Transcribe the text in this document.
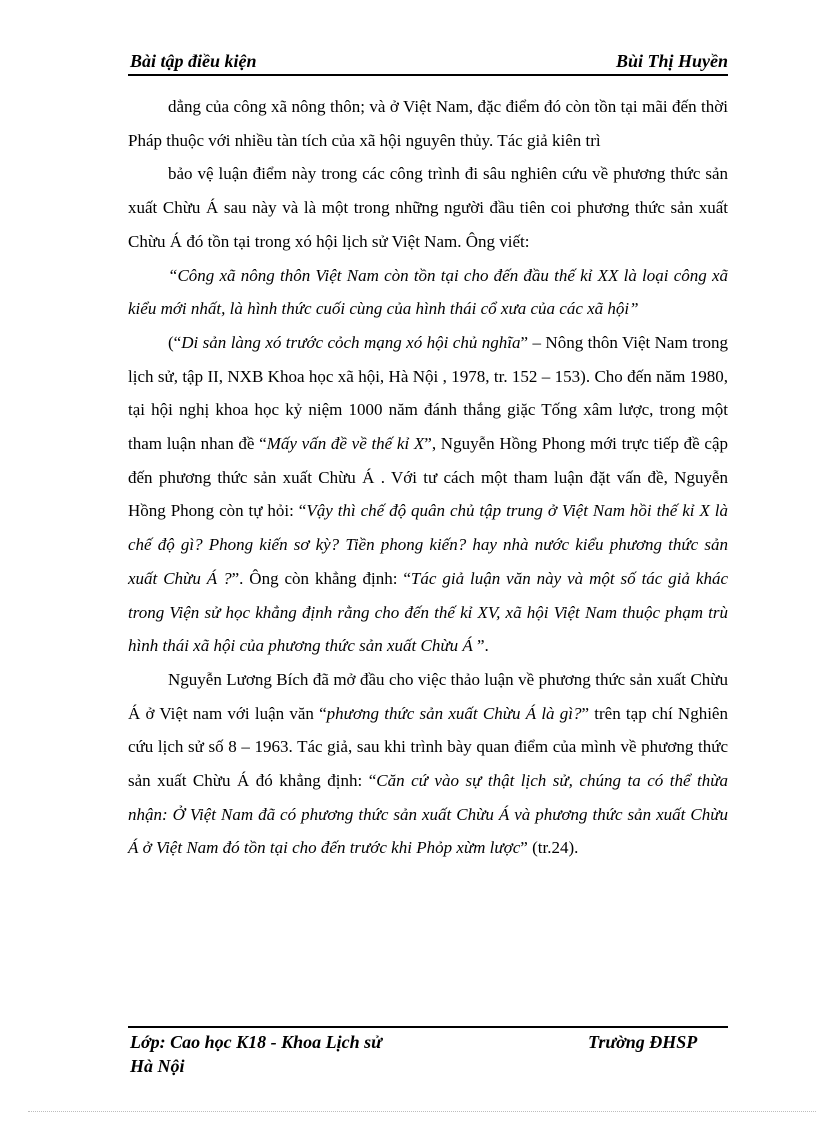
Bài tập điều kiện	Bùi Thị Huyền

dẳng của công xã nông thôn; và ở Việt Nam, đặc điểm đó còn tồn tại mãi đến thời Pháp thuộc với nhiều tàn tích của xã hội nguyên thủy. Tác giả kiên trì

bảo vệ luận điểm này trong các công trình đi sâu nghiên cứu về phương thức sản xuất Chừu Á sau này và là một trong những người đầu tiên coi phương thức sản xuất Chừu Á đó tồn tại trong xó hội lịch sử Việt Nam. Ông viết:

“Công xã nông thôn Việt Nam còn tồn tại cho đến đầu thế kỉ XX là loại công xã kiểu mới nhất, là hình thức cuối cùng của hình thái cổ xưa của các xã hội”

(“Di sản làng xó trước cỏch mạng xó hội chủ nghĩa” – Nông thôn Việt Nam trong lịch sử, tập II, NXB Khoa học xã hội, Hà Nội , 1978, tr. 152 – 153). Cho đến năm 1980, tại hội nghị khoa học kỷ niệm 1000 năm đánh thắng giặc Tống xâm lược, trong một tham luận nhan đề “Mấy vấn đề về thế kỉ X”, Nguyễn Hồng Phong mới trực tiếp đề cập đến phương thức sản xuất Chừu Á . Với tư cách một tham luận đặt vấn đề, Nguyễn Hồng Phong còn tự hỏi: “Vậy thì chế độ quân chủ tập trung ở Việt Nam hồi thế kỉ X là chế độ gì? Phong kiến sơ kỳ? Tiền phong kiến? hay nhà nước kiểu phương thức sản xuất Chừu Á ?”. Ông còn khẳng định: “Tác giả luận văn này và một số tác giả khác trong Viện sử học khẳng định rằng cho đến thế kỉ XV, xã hội Việt Nam thuộc phạm trù hình thái xã hội của phương thức sản xuất Chừu Á ”.

Nguyễn Lương Bích đã mở đầu cho việc thảo luận về phương thức sản xuất Chừu Á ở Việt nam với luận văn “phương thức sản xuất Chừu Á là gì?” trên tạp chí Nghiên cứu lịch sử số 8 – 1963. Tác giả, sau khi trình bày quan điểm của mình về phương thức sản xuất Chừu Á đó khẳng định: “Căn cứ vào sự thật lịch sử, chúng ta có thể thừa nhận: Ở Việt Nam đã có phương thức sản xuất Chừu Á và phương thức sản xuất Chừu Á ở Việt Nam đó tồn tại cho đến trước khi Phỏp xừm lược” (tr.24).

Lớp: Cao học K18 - Khoa Lịch sử	Trường ĐHSP
Hà Nội
